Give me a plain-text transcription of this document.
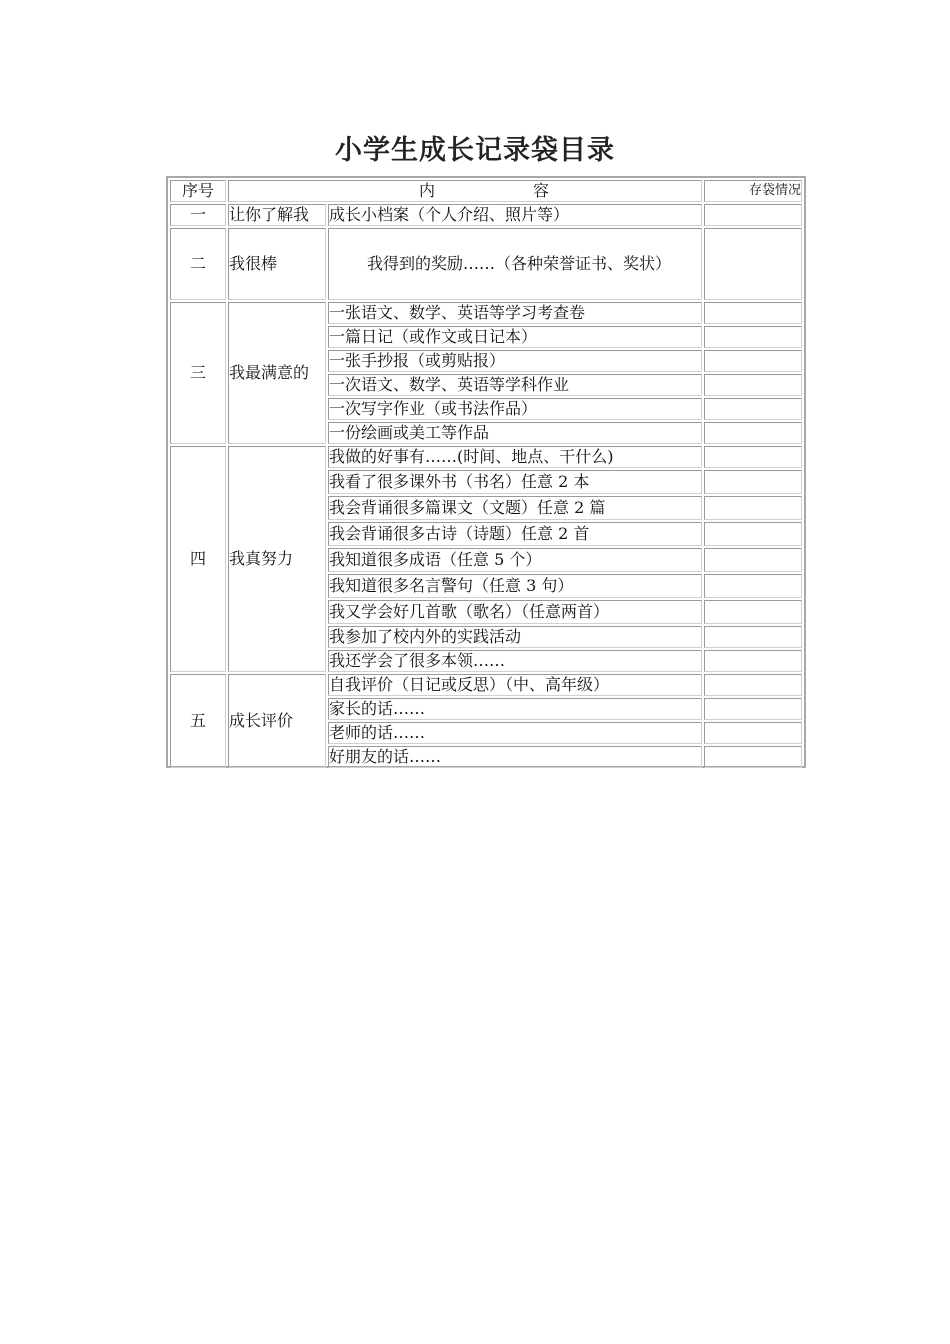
小学生成长记录袋目录
序号	内 容		存袋情况
一	让你了解我	成长小档案（个人介绍、照片等）	
二	我很棒	我得到的奖励……（各种荣誉证书、奖状）	
三	我最满意的	一张语文、数学、英语等学习考查卷	
		一篇日记（或作文或日记本）	
		一张手抄报（或剪贴报）	
		一次语文、数学、英语等学科作业	
		一次写字作业（或书法作品）	
		一份绘画或美工等作品	
四	我真努力	我做的好事有……(时间、地点、干什么)	
		我看了很多课外书（书名）任意 2 本	
		我会背诵很多篇课文（文题）任意 2 篇	
		我会背诵很多古诗（诗题）任意 2 首	
		我知道很多成语（任意 5 个）	
		我知道很多名言警句（任意 3 句）	
		我又学会好几首歌（歌名）（任意两首）	
		我参加了校内外的实践活动	
		我还学会了很多本领……	
五	成长评价	自我评价（日记或反思）（中、高年级）	
		家长的话……	
		老师的话……	
		好朋友的话……	
